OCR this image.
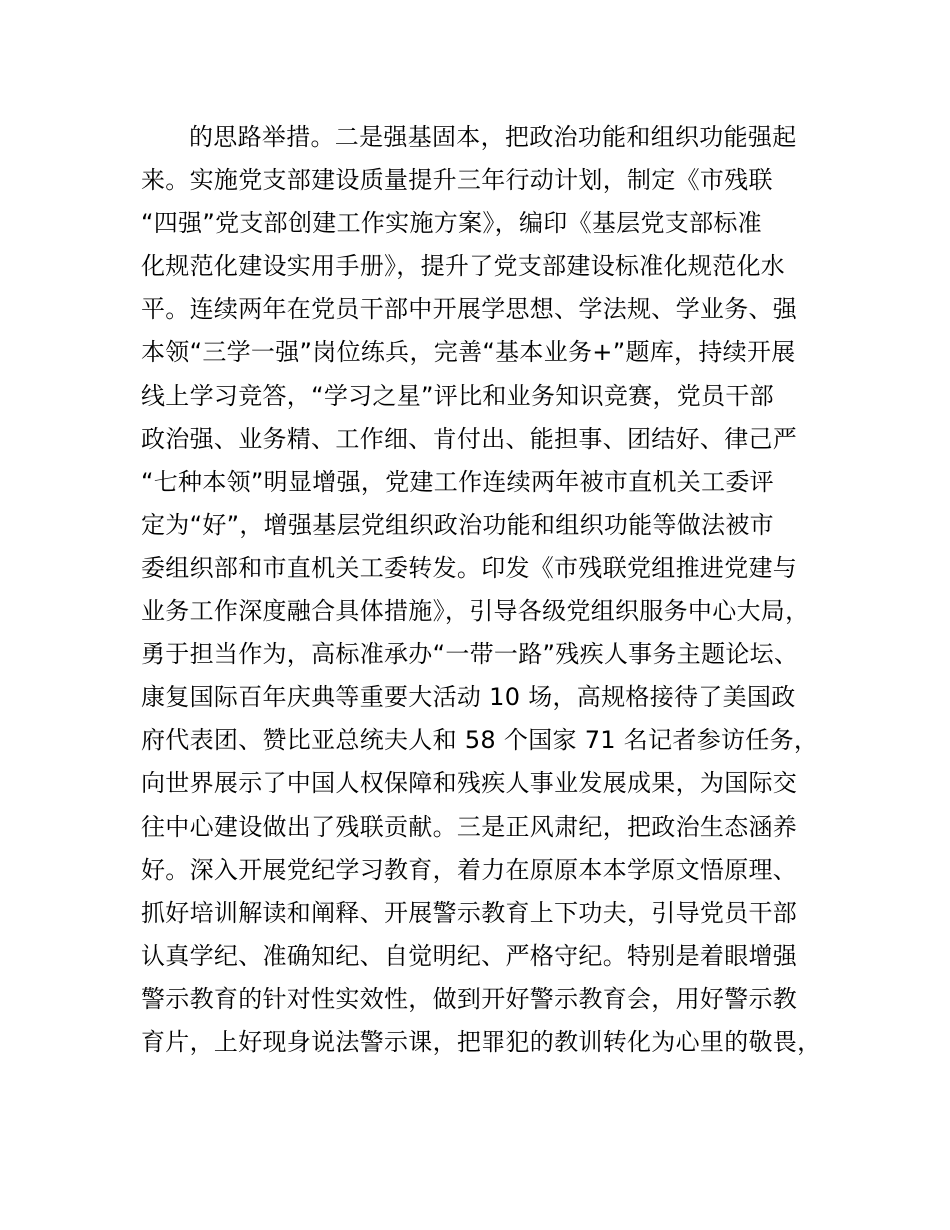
的思路举措。二是强基固本，把政治功能和组织功能强起
来。实施党支部建设质量提升三年行动计划，制定《市残联
“四强”党支部创建工作实施方案》，编印《基层党支部标准
化规范化建设实用手册》，提升了党支部建设标准化规范化水
平。连续两年在党员干部中开展学思想、学法规、学业务、强
本领“三学一强”岗位练兵，完善“基本业务+”题库，持续开展
线上学习竞答，“学习之星”评比和业务知识竞赛，党员干部
政治强、业务精、工作细、肯付出、能担事、团结好、律己严
“七种本领”明显增强，党建工作连续两年被市直机关工委评
定为“好”，增强基层党组织政治功能和组织功能等做法被市
委组织部和市直机关工委转发。印发《市残联党组推进党建与
业务工作深度融合具体措施》，引导各级党组织服务中心大局，
勇于担当作为，高标准承办“一带一路”残疾人事务主题论坛、
康复国际百年庆典等重要大活动 10 场，高规格接待了美国政
府代表团、赞比亚总统夫人和 58 个国家 71 名记者参访任务，
向世界展示了中国人权保障和残疾人事业发展成果，为国际交
往中心建设做出了残联贡献。三是正风肃纪，把政治生态涵养
好。深入开展党纪学习教育，着力在原原本本学原文悟原理、
抓好培训解读和阐释、开展警示教育上下功夫，引导党员干部
认真学纪、准确知纪、自觉明纪、严格守纪。特别是着眼增强
警示教育的针对性实效性，做到开好警示教育会，用好警示教
育片，上好现身说法警示课，把罪犯的教训转化为心里的敬畏，
